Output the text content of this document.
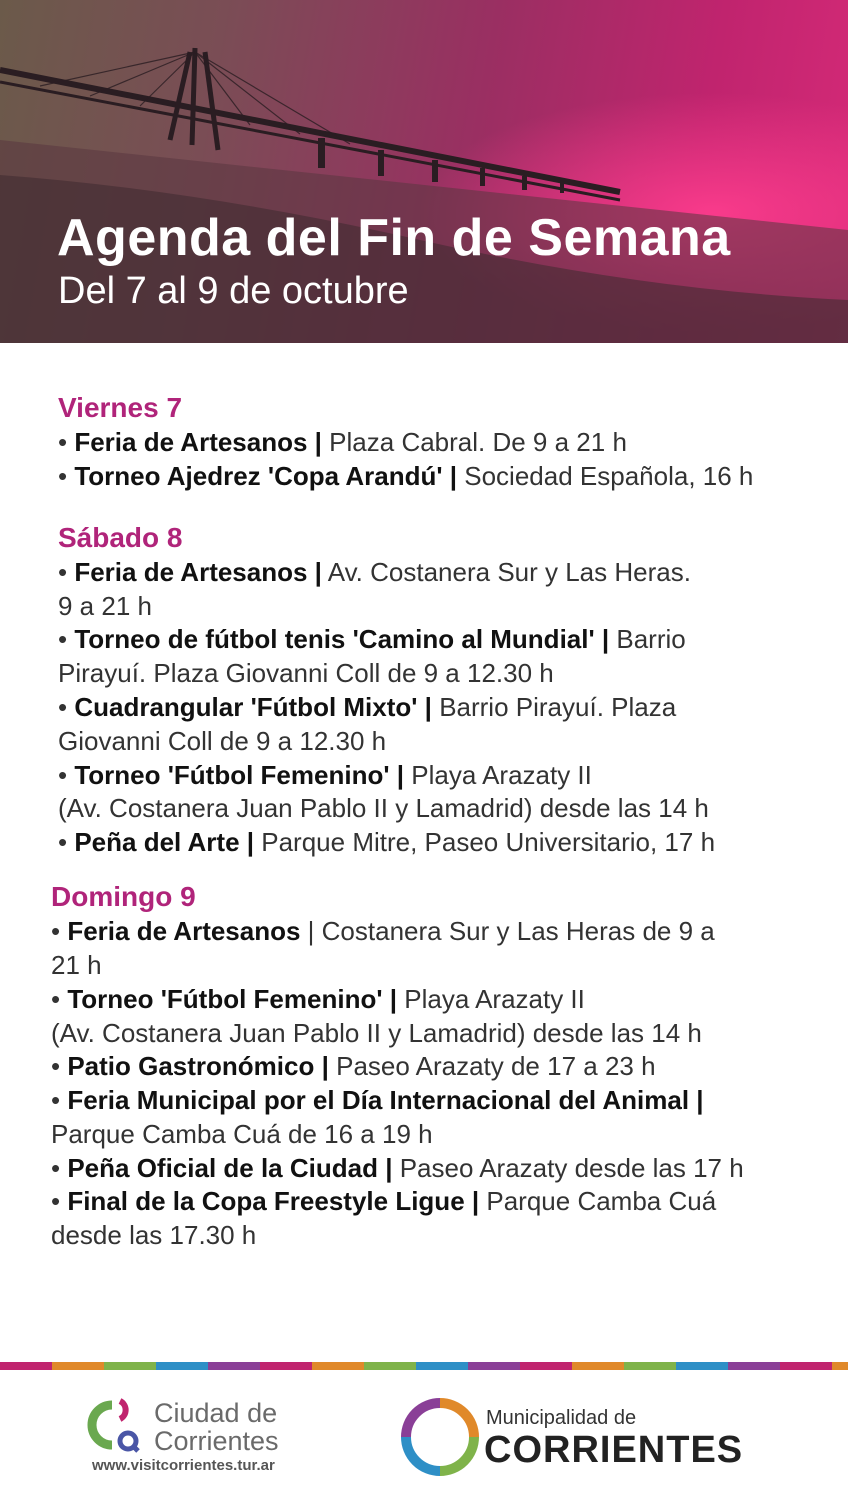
Agenda del Fin de Semana
Del 7 al 9 de octubre
Viernes 7
• Feria de Artesanos | Plaza Cabral. De 9 a 21 h
• Torneo Ajedrez 'Copa Arandú' | Sociedad Española, 16 h
Sábado 8
• Feria de Artesanos | Av. Costanera Sur y Las Heras.
9 a 21 h
• Torneo de fútbol tenis 'Camino al Mundial' | Barrio
Pirayuí. Plaza Giovanni Coll de 9 a 12.30 h
• Cuadrangular 'Fútbol Mixto' | Barrio Pirayuí. Plaza
Giovanni Coll de 9 a 12.30 h
• Torneo 'Fútbol Femenino' | Playa Arazaty II
(Av. Costanera Juan Pablo II y Lamadrid) desde las 14 h
• Peña del Arte | Parque Mitre, Paseo Universitario, 17 h
Domingo 9
• Feria de Artesanos | Costanera Sur y Las Heras de 9 a
21 h
• Torneo 'Fútbol Femenino' | Playa Arazaty II
(Av. Costanera Juan Pablo II y Lamadrid) desde las 14 h
• Patio Gastronómico | Paseo Arazaty de 17 a 23 h
• Feria Municipal por el Día Internacional del Animal |
Parque Camba Cuá de 16 a 19 h
• Peña Oficial de la Ciudad | Paseo Arazaty desde las 17 h
• Final de la Copa Freestyle Ligue | Parque Camba Cuá
desde las 17.30 h
Ciudad de
Corrientes
www.visitcorrientes.tur.ar
Municipalidad de
CORRIENTES
